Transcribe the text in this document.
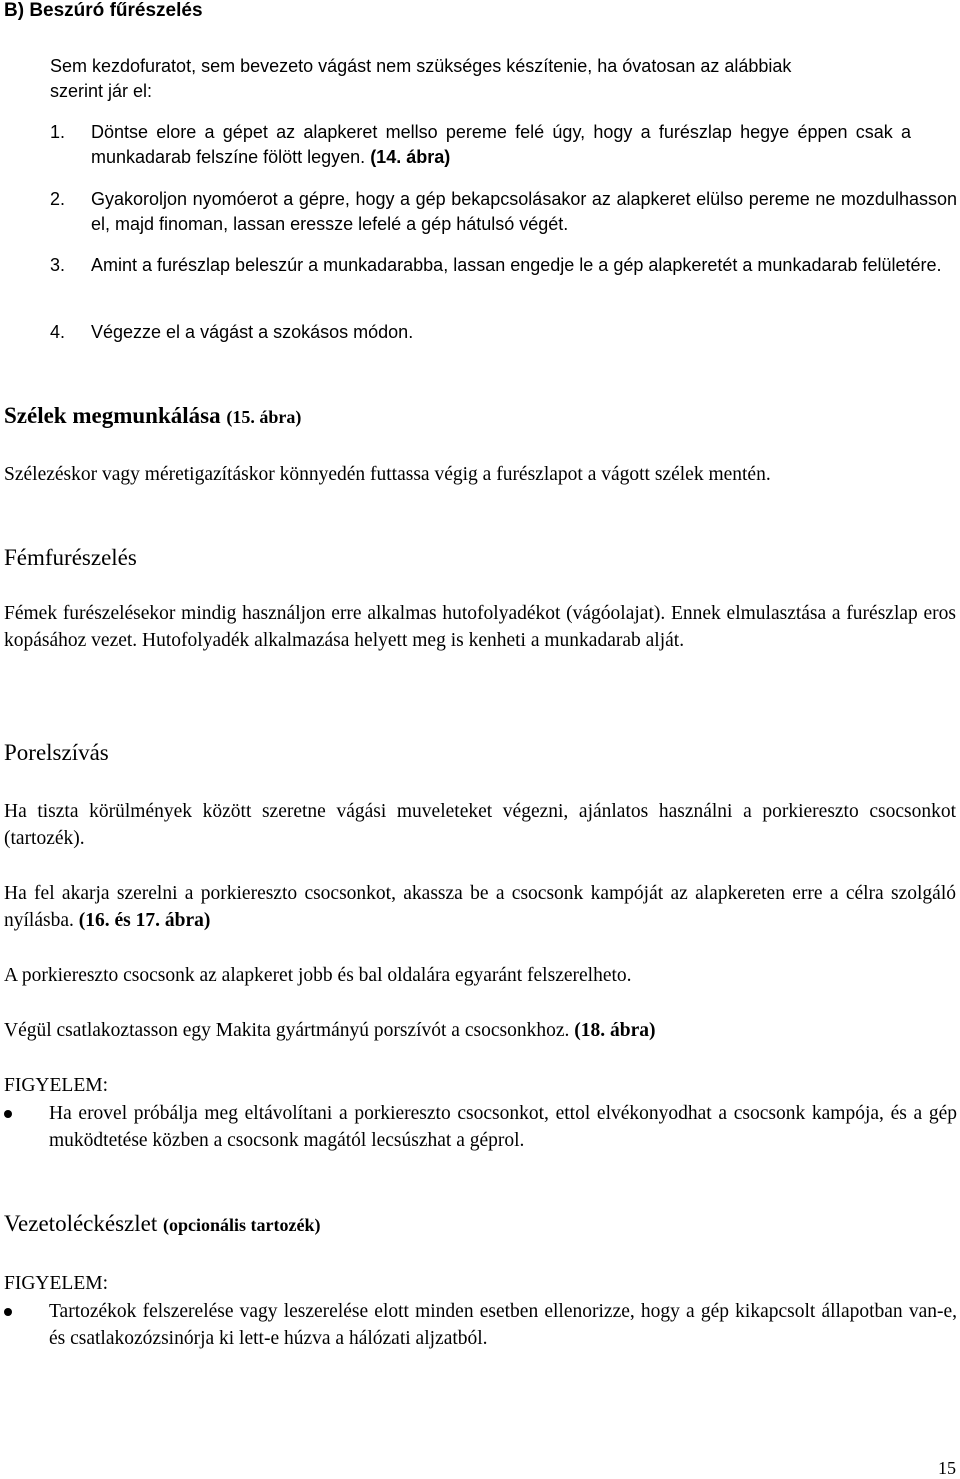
B) Beszúró fűrészelés
Sem kezdofuratot, sem bevezeto vágást nem szükséges készítenie, ha óvatosan az alábbiak
szerint jár el:
1. Döntse elore a gépet az alapkeret mellso pereme felé úgy, hogy a furészlap hegye éppen csak a munkadarab felszíne fölött legyen. (14. ábra)
2. Gyakoroljon nyomóerot a gépre, hogy a gép bekapcsolásakor az alapkeret elülso pereme ne mozdulhasson el, majd finoman, lassan eressze lefelé a gép hátulsó végét.
3. Amint a furészlap beleszúr a munkadarabba, lassan engedje le a gép alapkeretét a munkadarab felületére.
4. Végezze el a vágást a szokásos módon.
Szélek megmunkálása (15. ábra)
Szélezéskor vagy méretigazításkor könnyedén futtassa végig a furészlapot a vágott szélek mentén.
Fémfurészelés
Fémek furészelésekor mindig használjon erre alkalmas hutofolyadékot (vágóolajat). Ennek elmulasztása a furészlap eros kopásához vezet. Hutofolyadék alkalmazása helyett meg is kenheti a munkadarab alját.
Porelszívás
Ha tiszta körülmények között szeretne vágási muveleteket végezni, ajánlatos használni a porkieresztо csocsonkot (tartozék).
Ha fel akarja szerelni a porkieresztо csocsonkot, akassza be a csocsonk kampóját az alapkereten erre a célra szolgáló nyílásba. (16. és 17. ábra)
A porkieresztо csocsonk az alapkeret jobb és bal oldalára egyaránt felszerelheto.
Végül csatlakoztasson egy Makita gyártmányú porszívót a csocsonkhoz. (18. ábra)
FIGYELEM:
Ha erovel próbálja meg eltávolítani a porkieresztо csocsonkot, ettol elvékonyodhat a csocsonk kampója, és a gép muködtetése közben a csocsonk magától lecsúszhat a géprol.
Vezetoléckészlet (opcionális tartozék)
FIGYELEM:
Tartozékok felszerelése vagy leszerelése elott minden esetben ellenorizze, hogy a gép kikapcsolt állapotban van-e, és csatlakozózsinórja ki lett-e húzva a hálózati aljzatból.
15
